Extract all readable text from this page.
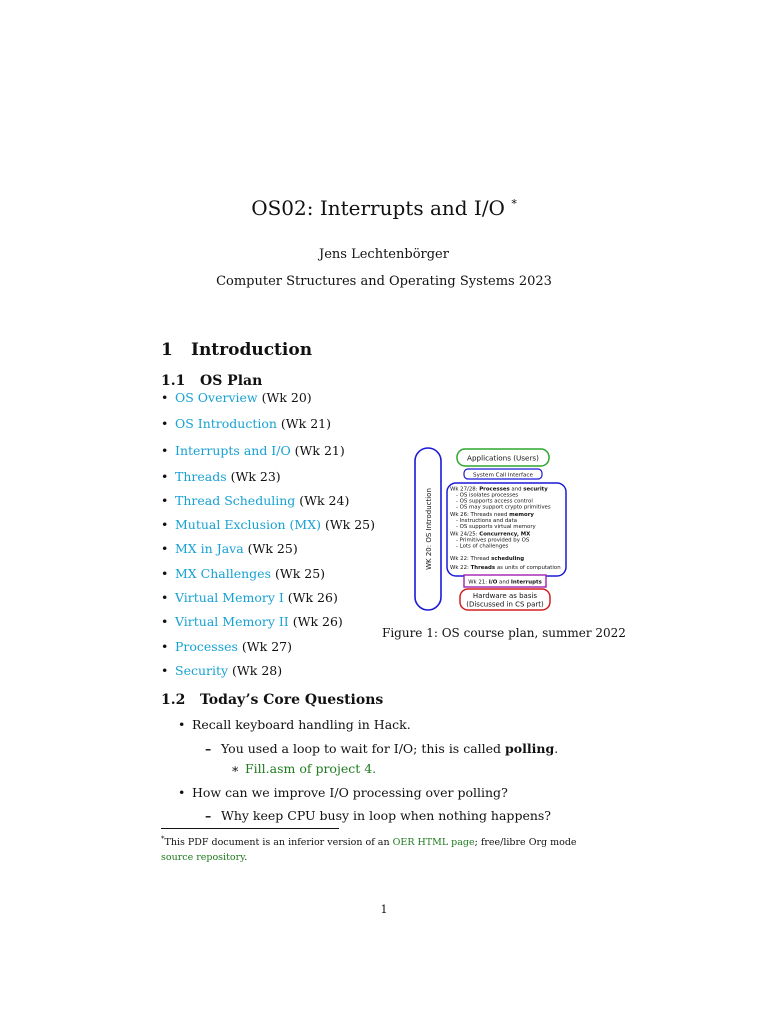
OS02: Interrupts and I/O *
Jens Lechtenbörger
Computer Structures and Operating Systems 2023
1 Introduction
1.1 OS Plan
• OS Overview (Wk 20)
• OS Introduction (Wk 21)
• Interrupts and I/O (Wk 21)
• Threads (Wk 23)
• Thread Scheduling (Wk 24)
• Mutual Exclusion (MX) (Wk 25)
• MX in Java (Wk 25)
• MX Challenges (Wk 25)
• Virtual Memory I (Wk 26)
• Virtual Memory II (Wk 26)
• Processes (Wk 27)
• Security (Wk 28)
WK 20: OS Introduction
Applications (Users)
System Call Interface
Wk 27/28: Processes and security
- OS isolates processes
- OS supports access control
- OS may support crypto primitives
Wk 26: Threads need memory
- Instructions and data
- OS supports virtual memory
Wk 24/25: Concurrency, MX
- Primitives provided by OS
- Lots of challenges
Wk 22: Thread scheduling
Wk 22: Threads as units of computation
Wk 21: I/O and Interrupts
Hardware as basis
(Discussed in CS part)
Figure 1: OS course plan, summer 2022
1.2 Today’s Core Questions
• Recall keyboard handling in Hack.
– You used a loop to wait for I/O; this is called polling.
∗ Fill.asm of project 4.
• How can we improve I/O processing over polling?
– Why keep CPU busy in loop when nothing happens?
*This PDF document is an inferior version of an OER HTML page; free/libre Org mode source repository.
1
